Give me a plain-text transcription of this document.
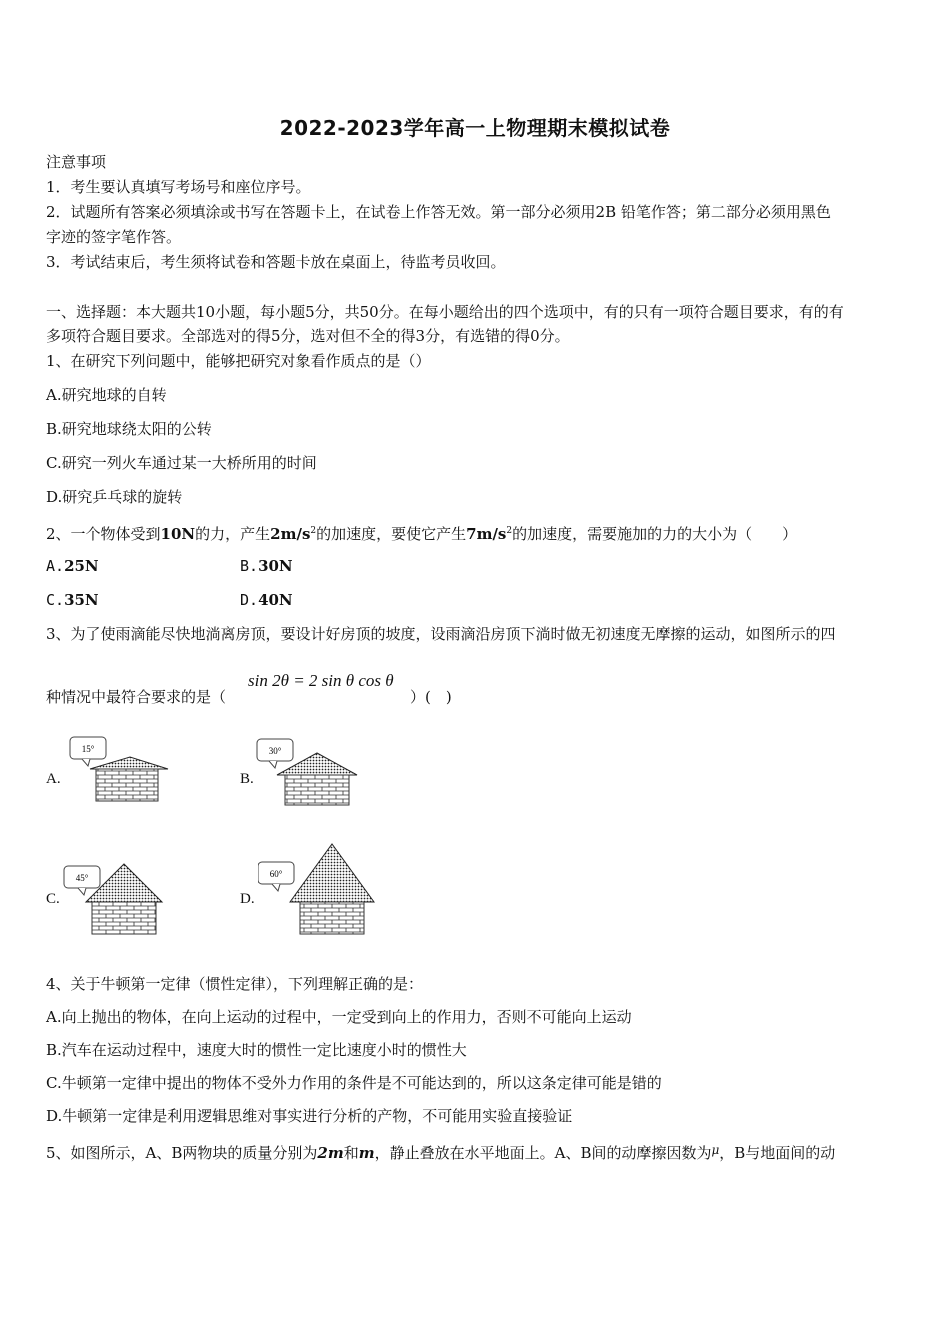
2022-2023学年高一上物理期末模拟试卷
注意事项
1．考生要认真填写考场号和座位序号。
2．试题所有答案必须填涂或书写在答题卡上，在试卷上作答无效。第一部分必须用2B 铅笔作答；第二部分必须用黑色
字迹的签字笔作答。
3．考试结束后，考生须将试卷和答题卡放在桌面上，待监考员收回。
一、选择题：本大题共10小题，每小题5分，共50分。在每小题给出的四个选项中，有的只有一项符合题目要求，有的有
多项符合题目要求。全部选对的得5分，选对但不全的得3分，有选错的得0分。
1、在研究下列问题中，能够把研究对象看作质点的是（）
A.研究地球的自转
B.研究地球绕太阳的公转
C.研究一列火车通过某一大桥所用的时间
D.研究乒乓球的旋转
2、一个物体受到10N的力，产生$2m/s^2$的加速度，要使它产生$7m/s^2$的加速度，需要施加的力的大小为（　　）
A.25N	B.30N
C.35N	D.40N
3、为了使雨滴能尽快地淌离房顶，要设计好房顶的坡度，设雨滴沿房顶下淌时做无初速度无摩擦的运动，如图所示的四
种情况中最符合要求的是（
sin 2θ = 2 sin θ cos θ
）(　)
A.
15°
B.
30°
C.
45°
D.
60°
4、关于牛顿第一定律（惯性定律），下列理解正确的是：
A.向上抛出的物体，在向上运动的过程中，一定受到向上的作用力，否则不可能向上运动
B.汽车在运动过程中，速度大时的惯性一定比速度小时的惯性大
C.牛顿第一定律中提出的物体不受外力作用的条件是不可能达到的，所以这条定律可能是错的
D.牛顿第一定律是利用逻辑思维对事实进行分析的产物，不可能用实验直接验证
5、如图所示，A、B两物块的质量分别为2m和m，静止叠放在水平地面上。A、B间的动摩擦因数为$^\mu$，B与地面间的动
